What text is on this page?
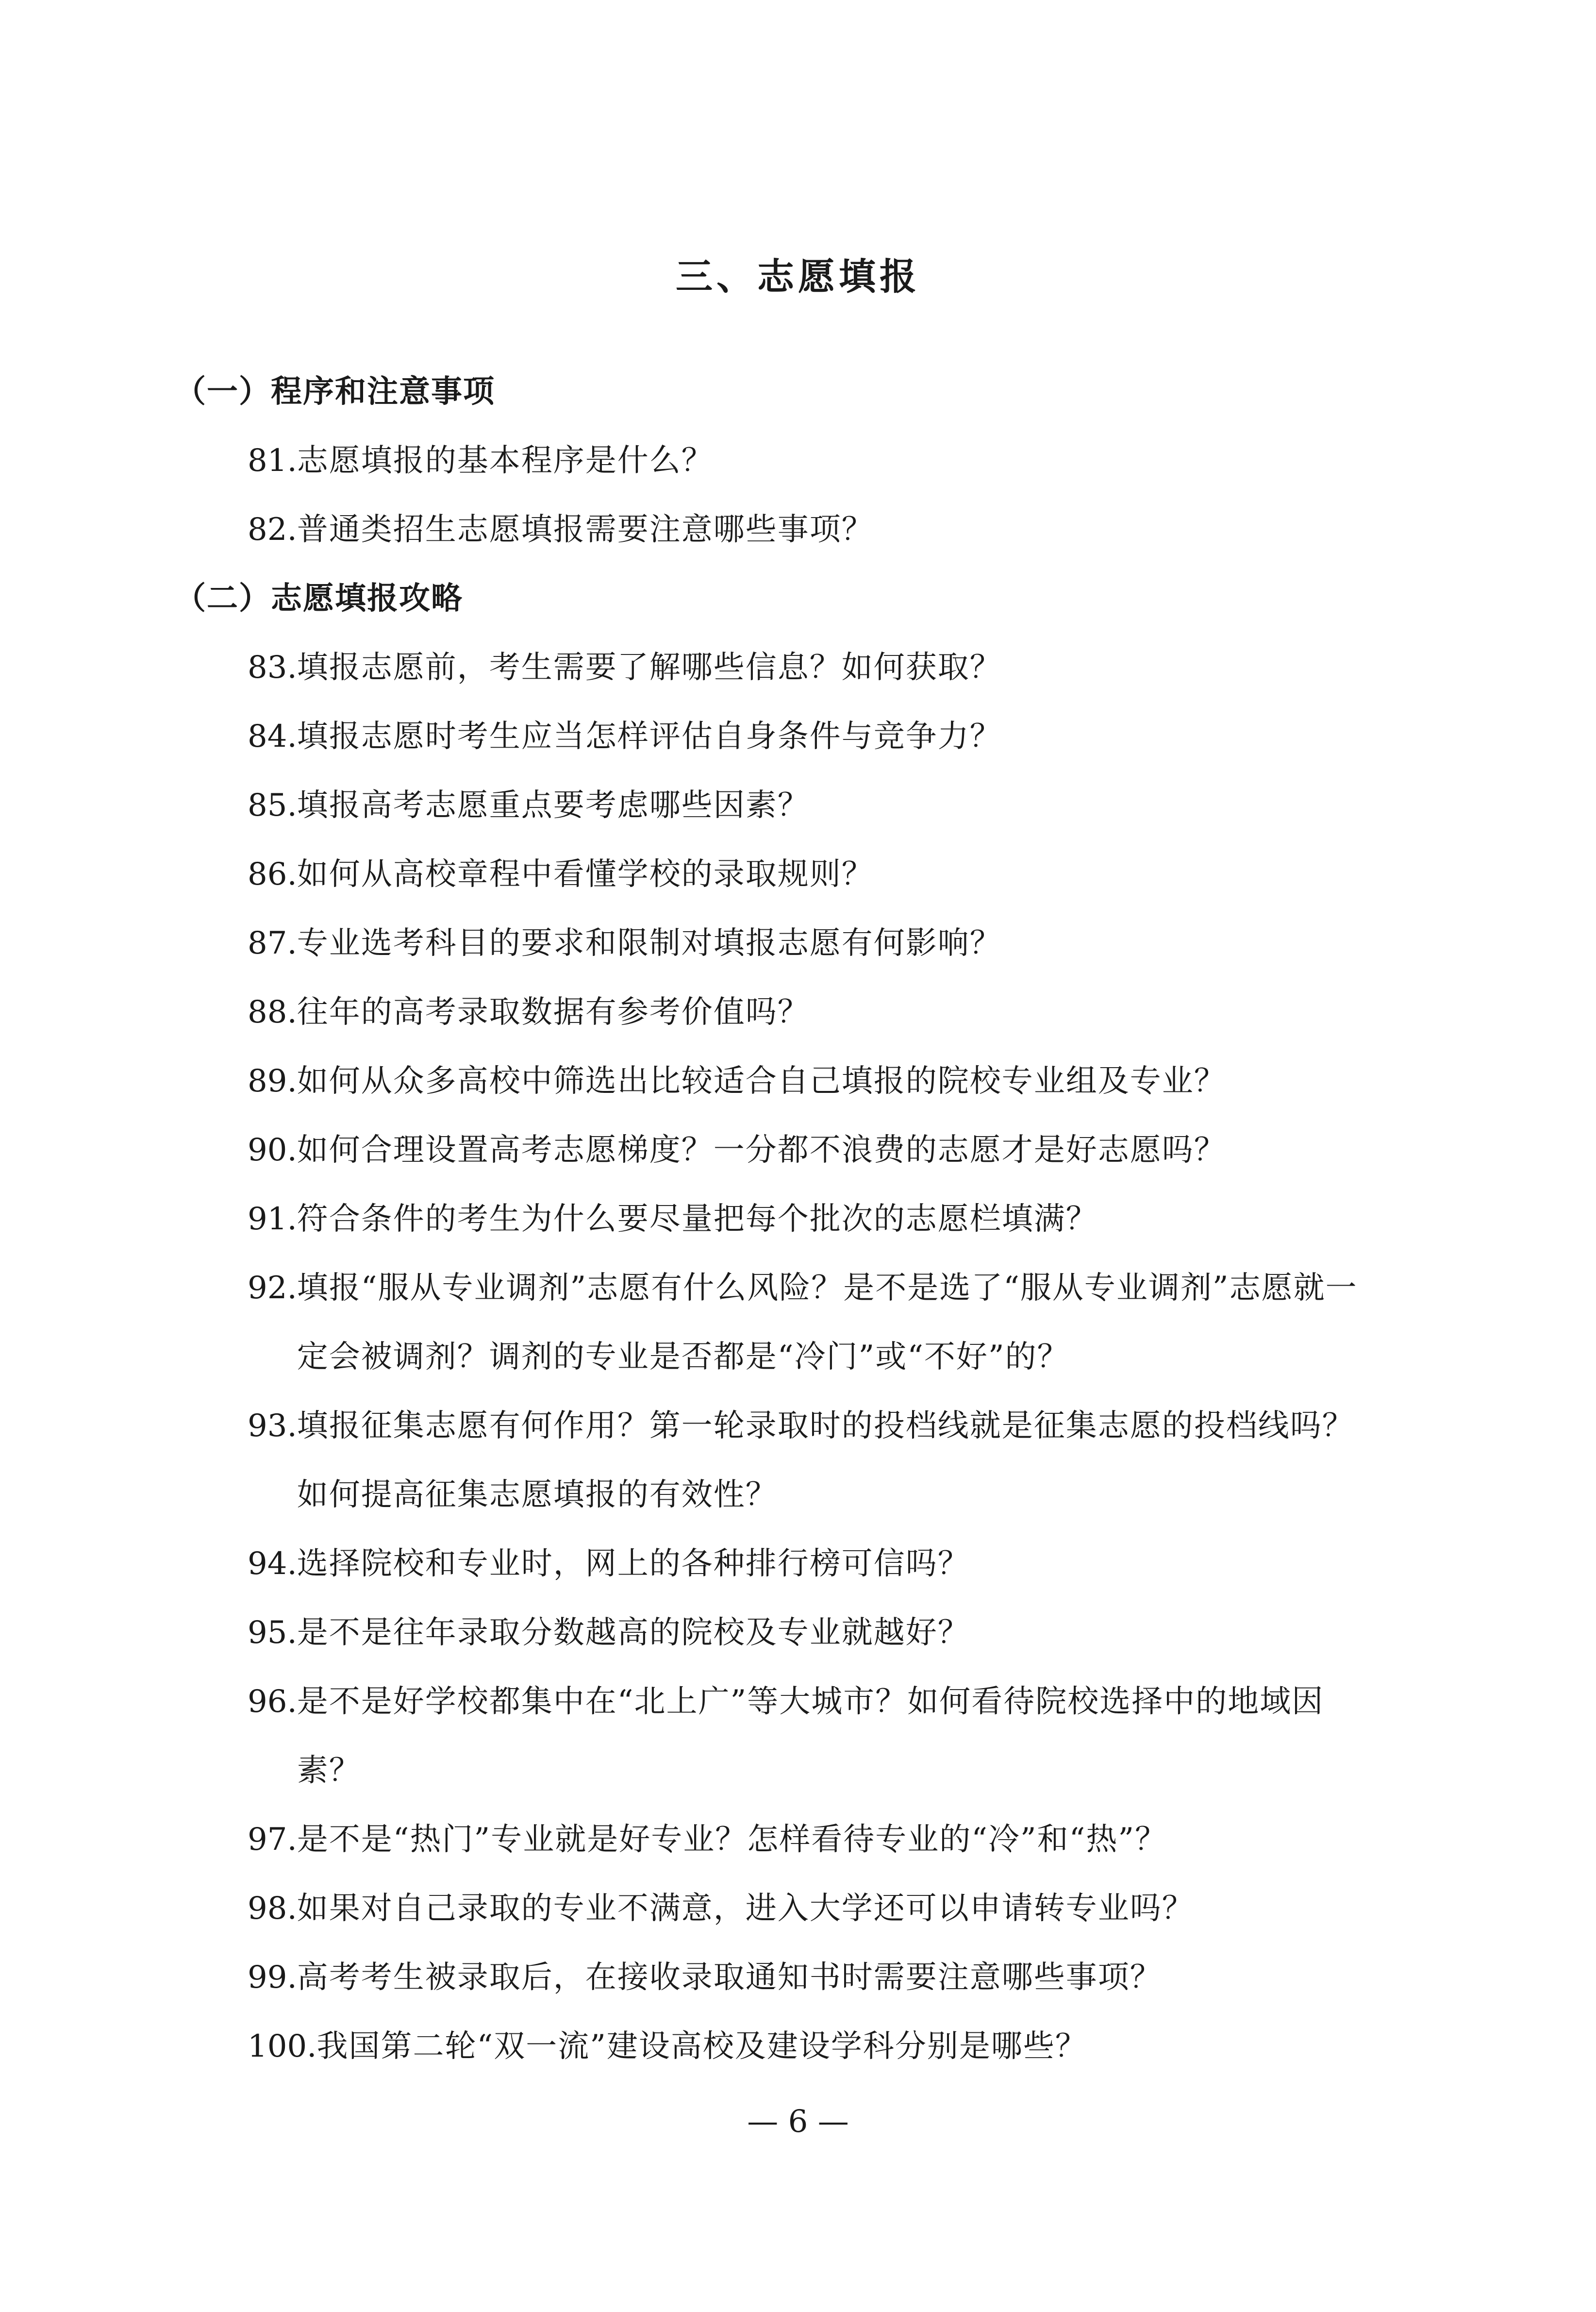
三、志愿填报
（一）程序和注意事项
81. 志愿填报的基本程序是什么？
82. 普通类招生志愿填报需要注意哪些事项？
（二）志愿填报攻略
83. 填报志愿前，考生需要了解哪些信息？如何获取？
84. 填报志愿时考生应当怎样评估自身条件与竞争力？
85. 填报高考志愿重点要考虑哪些因素？
86. 如何从高校章程中看懂学校的录取规则？
87. 专业选考科目的要求和限制对填报志愿有何影响？
88. 往年的高考录取数据有参考价值吗？
89. 如何从众多高校中筛选出比较适合自己填报的院校专业组及专业？
90. 如何合理设置高考志愿梯度？一分都不浪费的志愿才是好志愿吗？
91. 符合条件的考生为什么要尽量把每个批次的志愿栏填满？
92. 填报“服从专业调剂”志愿有什么风险？是不是选了“服从专业调剂”志愿就一定会被调剂？调剂的专业是否都是“冷门”或“不好”的？
93. 填报征集志愿有何作用？第一轮录取时的投档线就是征集志愿的投档线吗？如何提高征集志愿填报的有效性？
94. 选择院校和专业时，网上的各种排行榜可信吗？
95. 是不是往年录取分数越高的院校及专业就越好？
96. 是不是好学校都集中在“北上广”等大城市？如何看待院校选择中的地域因素？
97. 是不是“热门”专业就是好专业？怎样看待专业的“冷”和“热”？
98. 如果对自己录取的专业不满意，进入大学还可以申请转专业吗？
99. 高考考生被录取后，在接收录取通知书时需要注意哪些事项？
100. 我国第二轮“双一流”建设高校及建设学科分别是哪些？
— 6 —
